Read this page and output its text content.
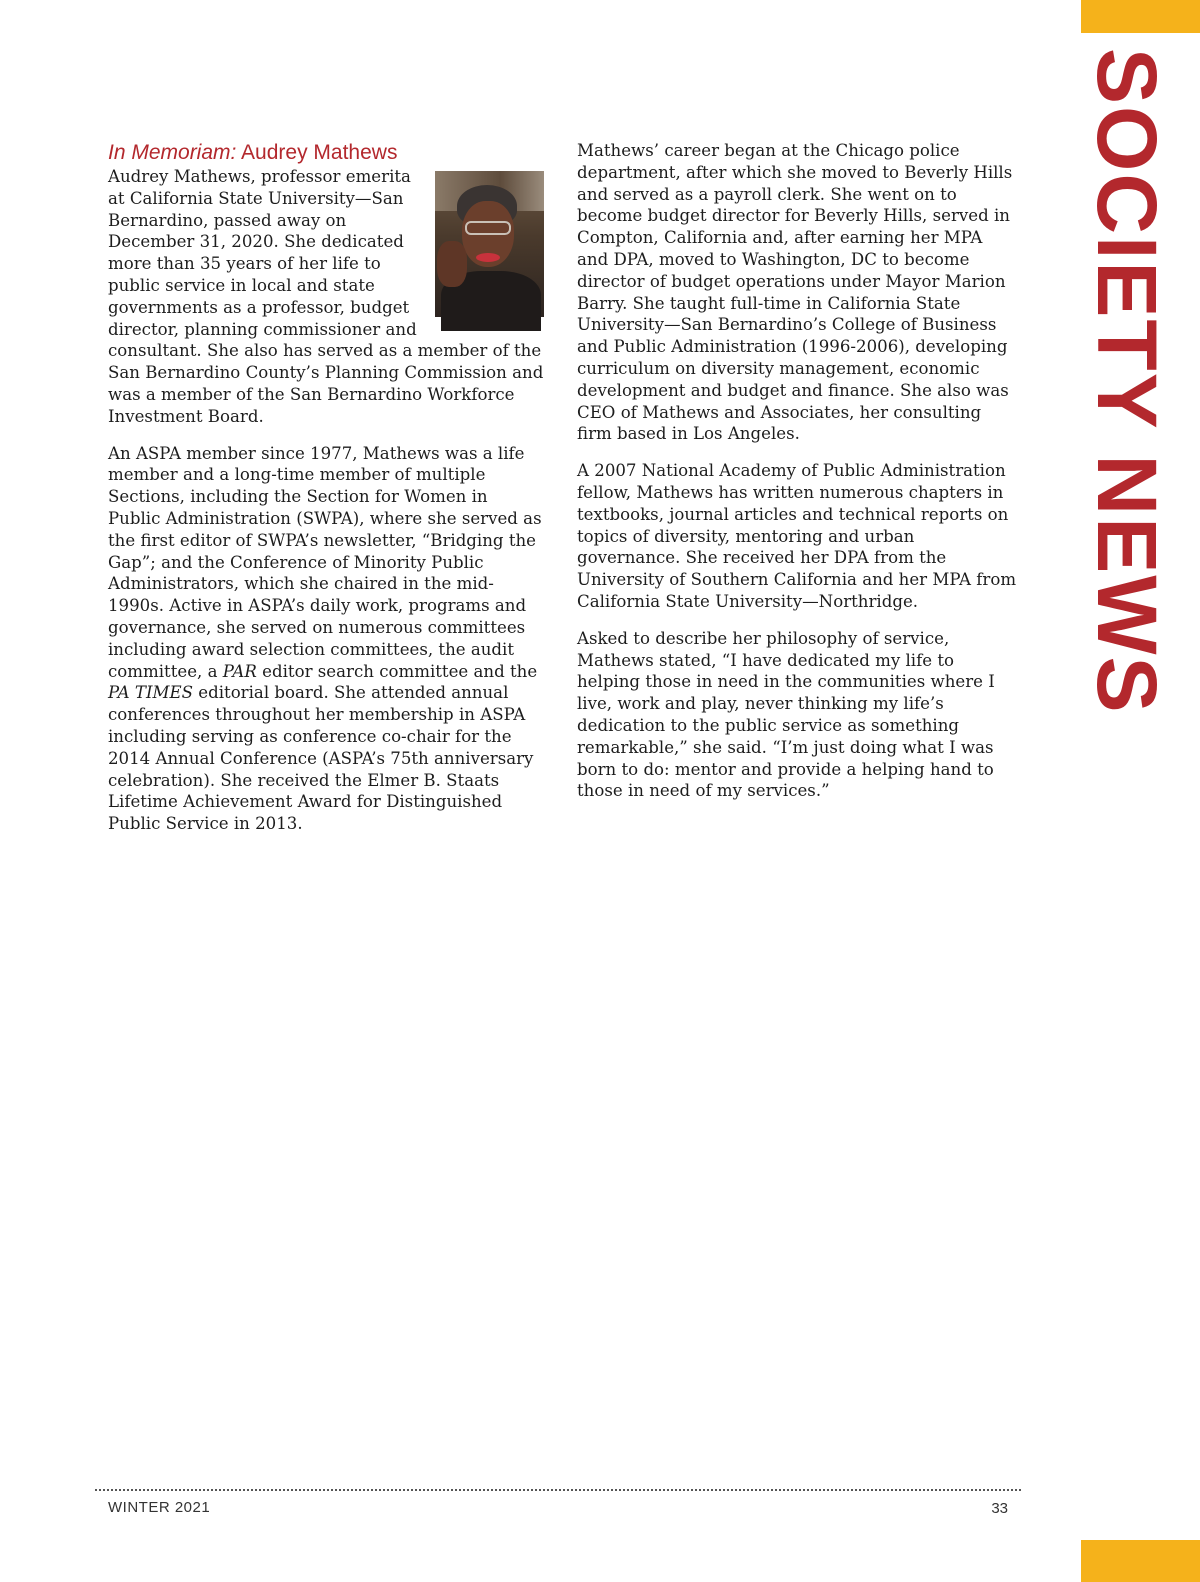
SOCIETY NEWS
In Memoriam: Audrey Mathews

Audrey Mathews, professor emerita at California State University—San Bernardino, passed away on December 31, 2020. She dedicated more than 35 years of her life to public service in local and state governments as a professor, budget director, planning commissioner and consultant. She also has served as a member of the San Bernardino County’s Planning Commission and was a member of the San Bernardino Workforce Investment Board.

An ASPA member since 1977, Mathews was a life member and a long-time member of multiple Sections, including the Section for Women in Public Administration (SWPA), where she served as the first editor of SWPA’s newsletter, “Bridging the Gap”; and the Conference of Minority Public Administrators, which she chaired in the mid-1990s. Active in ASPA’s daily work, programs and governance, she served on numerous committees including award selection committees, the audit committee, a PAR editor search committee and the PA TIMES editorial board. She attended annual conferences throughout her membership in ASPA including serving as conference co-chair for the 2014 Annual Conference (ASPA’s 75th anniversary celebration). She received the Elmer B. Staats Lifetime Achievement Award for Distinguished Public Service in 2013.

Mathews’ career began at the Chicago police department, after which she moved to Beverly Hills and served as a payroll clerk. She went on to become budget director for Beverly Hills, served in Compton, California and, after earning her MPA and DPA, moved to Washington, DC to become director of budget operations under Mayor Marion Barry. She taught full-time in California State University—San Bernardino’s College of Business and Public Administration (1996-2006), developing curriculum on diversity management, economic development and budget and finance. She also was CEO of Mathews and Associates, her consulting firm based in Los Angeles.

A 2007 National Academy of Public Administration fellow, Mathews has written numerous chapters in textbooks, journal articles and technical reports on topics of diversity, mentoring and urban governance. She received her DPA from the University of Southern California and her MPA from California State University—Northridge.

Asked to describe her philosophy of service, Mathews stated, “I have dedicated my life to helping those in need in the communities where I live, work and play, never thinking my life’s dedication to the public service as something remarkable,” she said. “I’m just doing what I was born to do: mentor and provide a helping hand to those in need of my services.”

WINTER 2021	33
